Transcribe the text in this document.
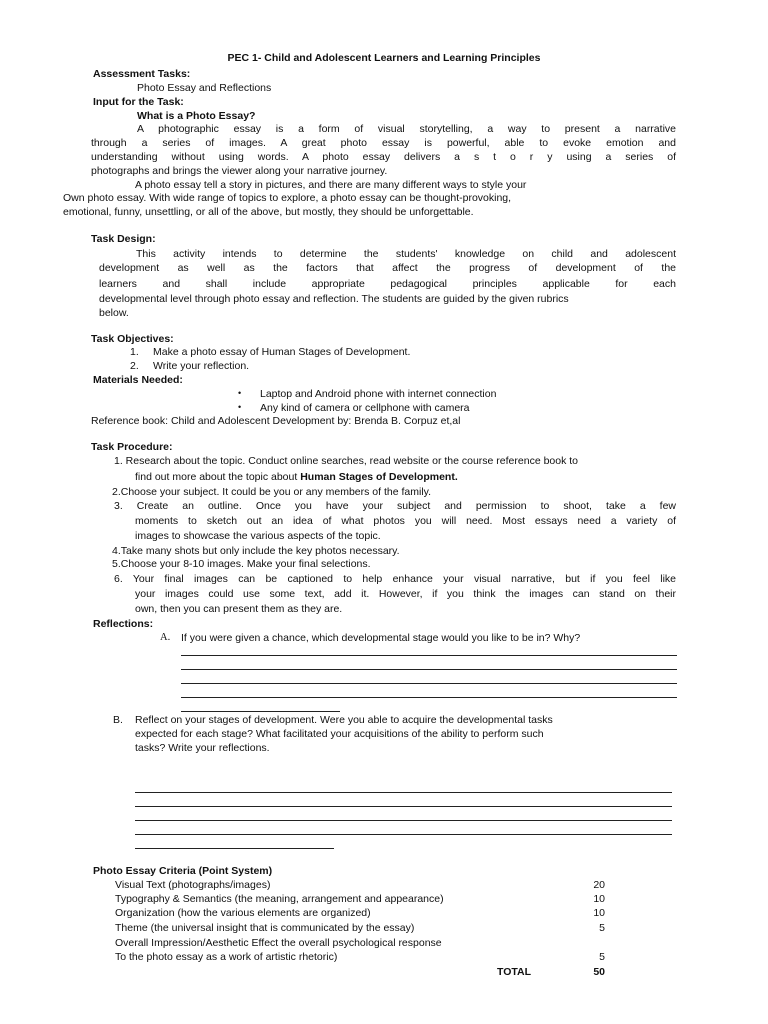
PEC 1- Child and Adolescent Learners and Learning Principles
Assessment Tasks:
Photo Essay and Reflections
Input for the Task:
What is a Photo Essay?
A photographic essay is a form of visual storytelling, a way to present a narrative
through a series of images. A great photo essay is powerful, able to evoke emotion and
understanding without using words. A photo essay delivers a s t o r y using a series of
photographs and brings the viewer along your narrative journey.
A photo essay tell a story in pictures, and there are many different ways to style your
Own photo essay. With wide range of topics to explore, a photo essay can be thought-provoking,
emotional, funny, unsettling, or all of the above, but mostly, they should be unforgettable.
Task Design:
This activity intends to determine the students' knowledge on child and adolescent
development as well as the factors that affect the progress of development of the
learners and shall include appropriate pedagogical principles applicable for each
developmental level through photo essay and reflection. The students are guided by the given rubrics
below.
Task Objectives:
1. Make a photo essay of Human Stages of Development.
2. Write your reflection.
Materials Needed:
• Laptop and Android phone with internet connection
• Any kind of camera or cellphone with camera
Reference book: Child and Adolescent Development by: Brenda B. Corpuz et,al
Task Procedure:
1. Research about the topic. Conduct online searches, read website or the course reference book to
find out more about the topic about Human Stages of Development.
2.Choose your subject. It could be you or any members of the family.
3. Create an outline. Once you have your subject and permission to shoot, take a few
moments to sketch out an idea of what photos you will need. Most essays need a variety of
images to showcase the various aspects of the topic.
4.Take many shots but only include the key photos necessary.
5.Choose your 8-10 images. Make your final selections.
6. Your final images can be captioned to help enhance your visual narrative, but if you feel like
your images could use some text, add it. However, if you think the images can stand on their
own, then you can present them as they are.
Reflections:
A. If you were given a chance, which developmental stage would you like to be in? Why?
B. Reflect on your stages of development. Were you able to acquire the developmental tasks
expected for each stage? What facilitated your acquisitions of the ability to perform such
tasks? Write your reflections.
Photo Essay Criteria (Point System)
Visual Text (photographs/images)	20
Typography & Semantics (the meaning, arrangement and appearance)	10
Organization (how the various elements are organized)	10
Theme (the universal insight that is communicated by the essay)	5
Overall Impression/Aesthetic Effect the overall psychological response
To the photo essay as a work of artistic rhetoric)	5
TOTAL	50
